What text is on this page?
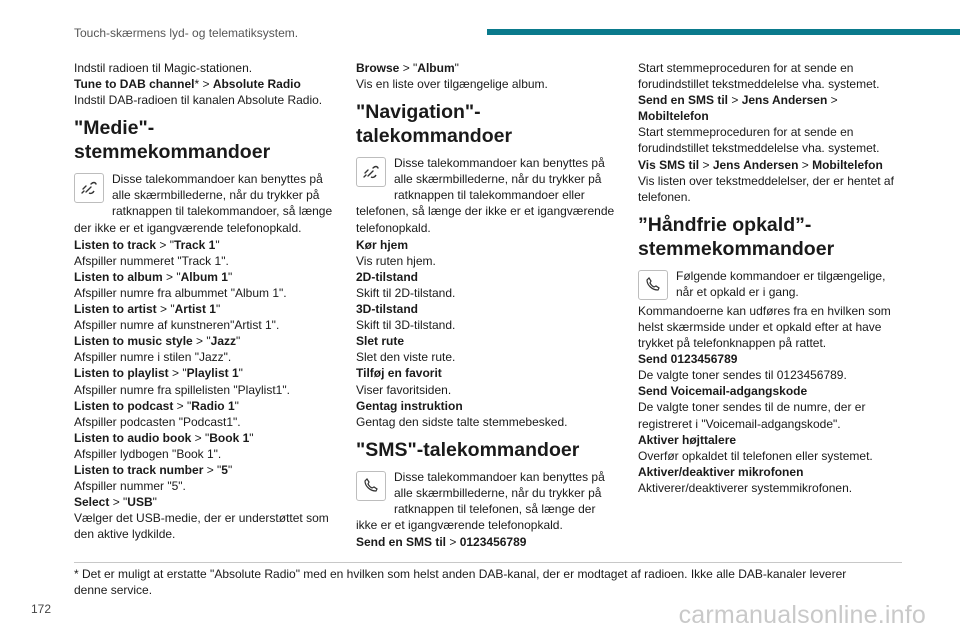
Touch-skærmens lyd- og telematiksystem.

Indstil radioen til Magic-stationen.

Tune to DAB channel* > Absolute Radio

Indstil DAB-radioen til kanalen Absolute Radio.

"Medie"-stemmekommandoer
Disse talekommandoer kan benyttes på alle skærmbillederne, når du trykker på ratknappen til talekommandoer, så længe der ikke er et igangværende telefonopkald.

Listen to track > "Track 1"

Afspiller nummeret "Track 1".

Listen to album > "Album 1"

Afspiller numre fra albummet "Album 1".

Listen to artist > "Artist 1"

Afspiller numre af kunstneren"Artist 1".

Listen to music style > "Jazz"

Afspiller numre i stilen "Jazz".

Listen to playlist > "Playlist 1"

Afspiller numre fra spillelisten "Playlist1".

Listen to podcast > "Radio 1"

Afspiller podcasten "Podcast1".

Listen to audio book > "Book 1"

Afspiller lydbogen "Book 1".

Listen to track number > "5"

Afspiller nummer "5".

Select > "USB"

Vælger det USB-medie, der er understøttet som den aktive lydkilde.

Browse > "Album"

Vis en liste over tilgængelige album.

"Navigation"-talekommandoer
Disse talekommandoer kan benyttes på alle skærmbillederne, når du trykker på ratknappen til talekommandoer eller telefonen, så længe der ikke er et igangværende telefonopkald.

Kør hjem

Vis ruten hjem.

2D-tilstand

Skift til 2D-tilstand.

3D-tilstand

Skift til 3D-tilstand.

Slet rute

Slet den viste rute.

Tilføj en favorit

Viser favoritsiden.

Gentag instruktion

Gentag den sidste talte stemmebesked.

"SMS"-talekommandoer
Disse talekommandoer kan benyttes på alle skærmbillederne, når du trykker på ratknappen til telefonen, så længe der ikke er et igangværende telefonopkald.

Send en SMS til > 0123456789

Start stemmeproceduren for at sende en forudindstillet tekstmeddelelse vha. systemet.

Send en SMS til > Jens Andersen >
Mobiltelefon

Start stemmeproceduren for at sende en forudindstillet tekstmeddelelse vha. systemet.

Vis SMS til > Jens Andersen > Mobiltelefon

Vis listen over tekstmeddelelser, der er hentet af telefonen.

”Håndfrie opkald”-stemmekommandoer
Følgende kommandoer er tilgængelige, når et opkald er i gang.

Kommandoerne kan udføres fra en hvilken som helst skærmside under et opkald efter at have trykket på telefonknappen på rattet.

Send 0123456789

De valgte toner sendes til 0123456789.

Send Voicemail-adgangskode

De valgte toner sendes til de numre, der er registreret i "Voicemail-adgangskode".

Aktiver højttalere

Overfør opkaldet til telefonen eller systemet.

Aktiver/deaktiver mikrofonen

Aktiverer/deaktiverer systemmikrofonen.

* Det er muligt at erstatte "Absolute Radio" med en hvilken som helst anden DAB-kanal, der er modtaget af radioen. Ikke alle DAB-kanaler leverer denne service.
172	carmanualsonline.info
